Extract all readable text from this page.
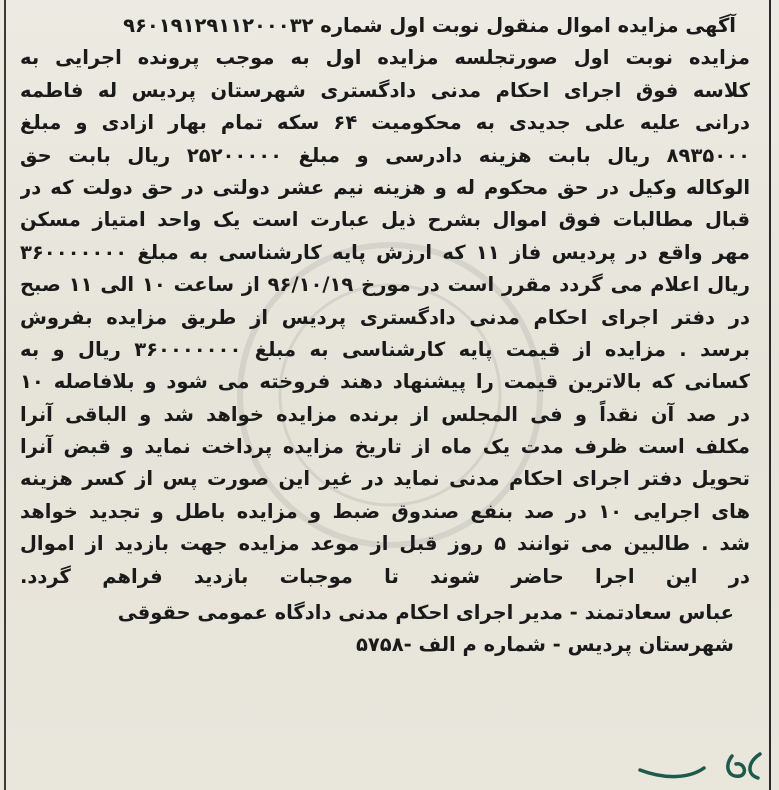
آگهی مزایده اموال منقول نوبت اول شماره ۹۶۰۱۹۱۲۹۱۱۲۰۰۰۳۲
مزایده نوبت اول صورتجلسه مزایده اول به موجب پرونده اجرایی به
کلاسه فوق اجرای احکام مدنی دادگستری شهرستان پردیس له فاطمه
درانی علیه علی جدیدی به محکومیت ۶۴ سکه تمام بهار ازادی و مبلغ
۸۹۳۵۰۰۰ ریال بابت هزینه دادرسی و مبلغ ۲۵۲۰۰۰۰۰ ریال بابت حق
الوکاله وکیل در حق محکوم له و هزینه نیم عشر دولتی در حق دولت که در
قبال مطالبات فوق اموال بشرح ذیل عبارت است یک واحد امتیاز مسکن
مهر واقع در پردیس فاز ۱۱ که ارزش پایه کارشناسی به مبلغ ۳۶۰۰۰۰۰۰۰
ریال اعلام می گردد مقرر است در مورخ ۹۶/۱۰/۱۹ از ساعت ۱۰ الی ۱۱ صبح
در دفتر اجرای احکام مدنی دادگستری پردیس از طریق مزایده بفروش
برسد . مزایده از قیمت پایه کارشناسی به مبلغ ۳۶۰۰۰۰۰۰۰ ریال و به
کسانی که بالاترین قیمت را پیشنهاد دهند فروخته می شود و بلافاصله ۱۰
در صد آن نقداً و فی المجلس از برنده مزایده خواهد شد و الباقی آنرا
مکلف است ظرف مدت یک ماه از تاریخ مزایده پرداخت نماید و قبض آنرا
تحویل دفتر اجرای احکام مدنی نماید در غیر این صورت پس از کسر هزینه
های اجرایی ۱۰ در صد بنفع صندوق ضبط و مزایده باطل و تجدید خواهد
شد . طالبین می توانند ۵ روز قبل از موعد مزایده جهت بازدید از اموال
در این اجرا حاضر شوند تا موجبات بازدید فراهم گردد.
عباس سعادتمند - مدیر اجرای احکام مدنی دادگاه عمومی حقوقی
شهرستان پردیس - شماره م الف -۵۷۵۸
